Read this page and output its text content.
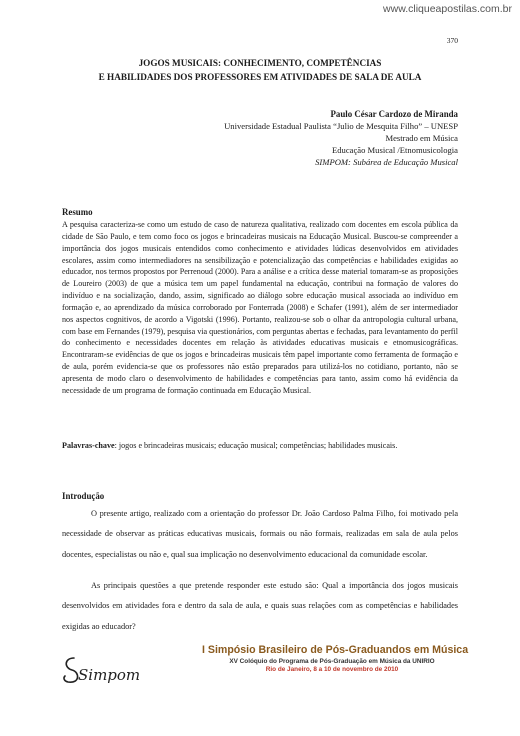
www.cliqueapostilas.com.br
370
JOGOS MUSICAIS: CONHECIMENTO, COMPETÊNCIAS
E HABILIDADES DOS PROFESSORES EM ATIVIDADES DE SALA DE AULA
Paulo César Cardozo de Miranda
Universidade Estadual Paulista “Julio de Mesquita Filho” – UNESP
Mestrado em Música
Educação Musical /Etnomusicologia
SIMPOM: Subárea de Educação Musical
Resumo
A pesquisa caracteriza-se como um estudo de caso de natureza qualitativa, realizado com docentes em escola pública da cidade de São Paulo, e tem como foco os jogos e brincadeiras musicais na Educação Musical. Buscou-se compreender a importância dos jogos musicais entendidos como conhecimento e atividades lúdicas desenvolvidos em atividades escolares, assim como intermediadores na sensibilização e potencialização das competências e habilidades exigidas ao educador, nos termos propostos por Perrenoud (2000). Para a análise e a crítica desse material tomaram-se as proposições de Loureiro (2003) de que a música tem um papel fundamental na educação, contribui na formação de valores do indivíduo e na socialização, dando, assim, significado ao diálogo sobre educação musical associada ao indivíduo em formação e, ao aprendizado da música corroborado por Fonterrada (2008) e Schafer (1991), além de ser intermediador nos aspectos cognitivos, de acordo a Vigotski (1996). Portanto, realizou-se sob o olhar da antropologia cultural urbana, com base em Fernandes (1979), pesquisa via questionários, com perguntas abertas e fechadas, para levantamento do perfil do conhecimento e necessidades docentes em relação às atividades educativas musicais e etnomusicográficas. Encontraram-se evidências de que os jogos e brincadeiras musicais têm papel importante como ferramenta de formação e de aula, porém evidencia-se que os professores não estão preparados para utilizá-los no cotidiano, portanto, não se apresenta de modo claro o desenvolvimento de habilidades e competências para tanto, assim como há evidência da necessidade de um programa de formação continuada em Educação Musical.
Palavras-chave: jogos e brincadeiras musicais; educação musical; competências; habilidades musicais.
Introdução

O presente artigo, realizado com a orientação do professor Dr. João Cardoso Palma Filho, foi motivado pela necessidade de observar as práticas educativas musicais, formais ou não formais, realizadas em sala de aula pelos docentes, especialistas ou não e, qual sua implicação no desenvolvimento educacional da comunidade escolar.

As principais questões a que pretende responder este estudo são: Qual a importância dos jogos musicais desenvolvidos em atividades fora e dentro da sala de aula, e quais suas relações com as competências e habilidades exigidas ao educador?

Simpom
I Simpósio Brasileiro de Pós-Graduandos em Música
XV Colóquio do Programa de Pós-Graduação em Música da UNIRIO
Rio de Janeiro, 8 a 10 de novembro de 2010
